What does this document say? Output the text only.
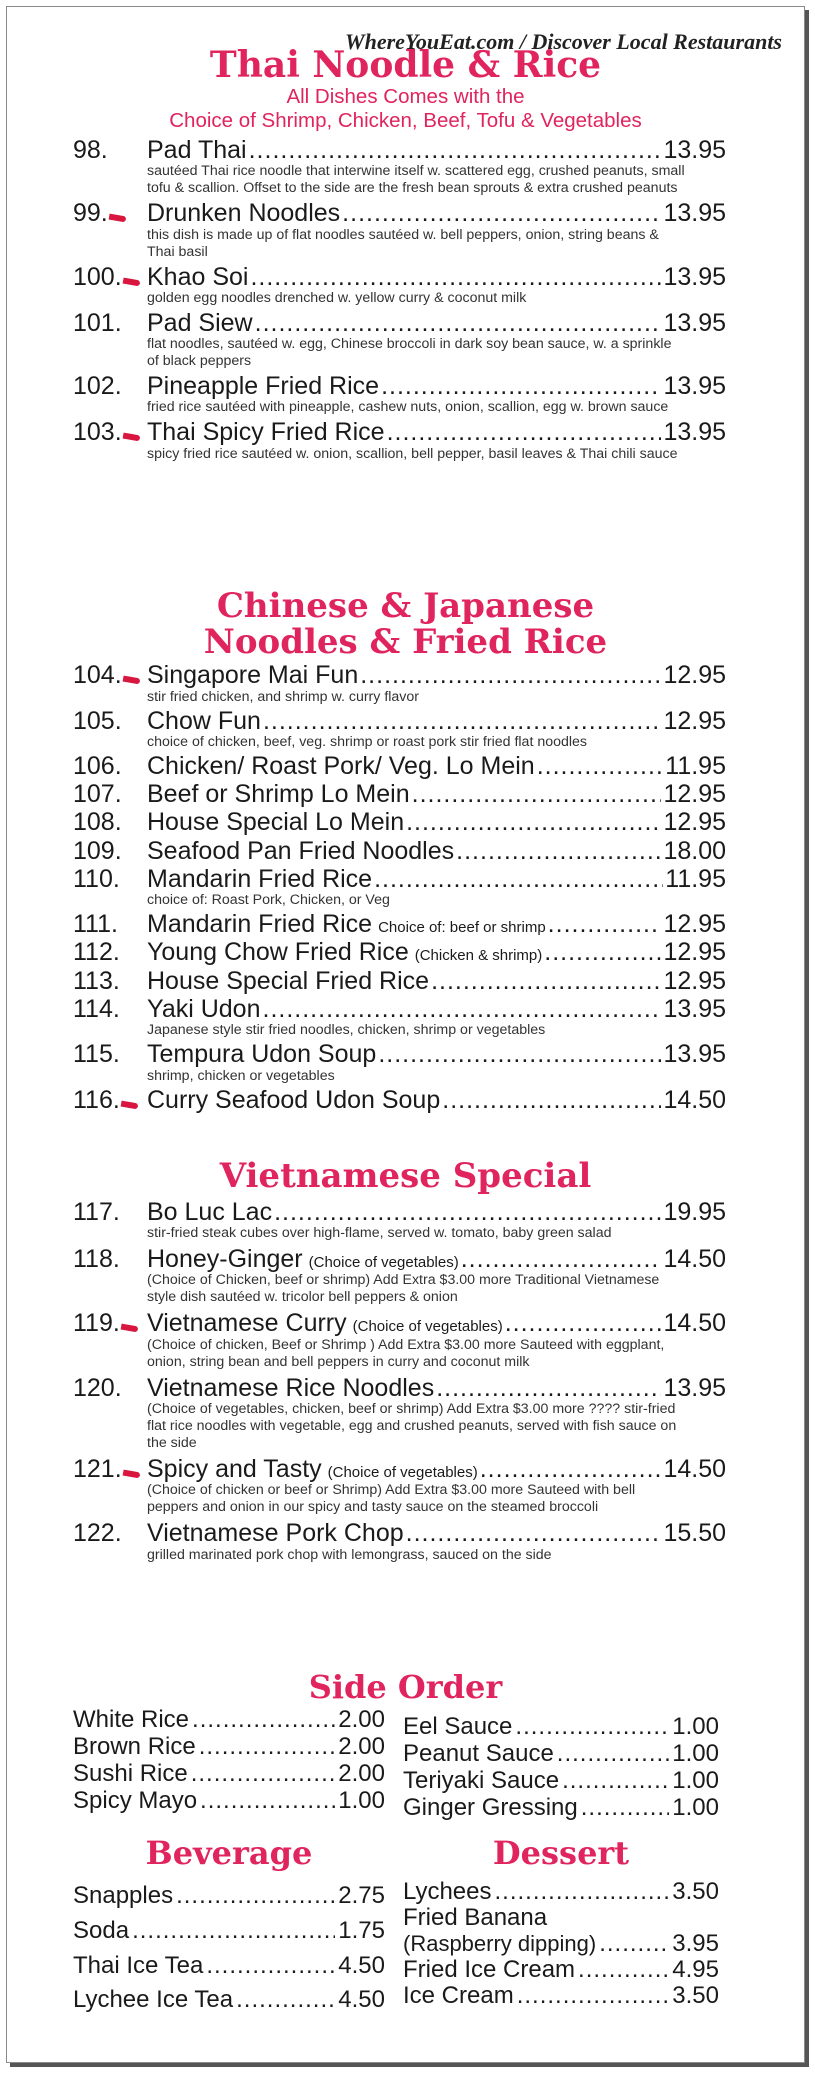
WhereYouEat.com / Discover Local Restaurants
Thai Noodle & Rice

All Dishes Comes with the

Choice of Shrimp, Chicken, Beef, Tofu & Vegetables

98.	Pad Thai .....	13.95
sautéed Thai rice noodle that interwine itself w. scattered egg, crushed peanuts, small tofu & scallion. Offset to the side are the fresh bean sprouts & extra crushed peanuts
99. Drunken Noodles .....	13.95
this dish is made up of flat noodles sautéed w. bell peppers, onion, string beans & Thai basil
100. Khao Soi .....	13.95
golden egg noodles drenched w. yellow curry & coconut milk
101.	Pad Siew .....	13.95
flat noodles, sautéed w. egg, Chinese broccoli in dark soy bean sauce, w. a sprinkle of black peppers
102.	Pineapple Fried Rice .....	13.95
fried rice sautéed with pineapple, cashew nuts, onion, scallion, egg w. brown sauce
103. Thai Spicy Fried Rice .....	13.95
spicy fried rice sautéed w. onion, scallion, bell pepper, basil leaves & Thai chili sauce
Chinese & Japanese
Noodles & Fried Rice
104. Singapore Mai Fun .....	12.95
stir fried chicken, and shrimp w. curry flavor
105.	Chow Fun .....	12.95
choice of chicken, beef, veg. shrimp or roast pork stir fried flat noodles
106.	Chicken/ Roast Pork/ Veg. Lo Mein .....	11.95
107.	Beef or Shrimp Lo Mein .....	12.95
108.	House Special Lo Mein .....	12.95
109.	Seafood Pan Fried Noodles .....	18.00
110.	Mandarin Fried Rice .....	11.95
choice of: Roast Pork, Chicken, or Veg
111.	Mandarin Fried Rice Choice of: beef or shrimp .....	12.95
112.	Young Chow Fried Rice (Chicken & shrimp) .....	12.95
113.	House Special Fried Rice .....	12.95
114.	Yaki Udon .....	13.95
Japanese style stir fried noodles, chicken, shrimp or vegetables
115.	Tempura Udon Soup .....	13.95
shrimp, chicken or vegetables
116. Curry Seafood Udon Soup .....	14.50
Vietnamese Special
117.	Bo Luc Lac .....	19.95
stir-fried steak cubes over high-flame, served w. tomato, baby green salad
118.	Honey-Ginger (Choice of vegetables) .....	14.50
(Choice of Chicken, beef or shrimp) Add Extra $3.00 more Traditional Vietnamese style dish sautéed w. tricolor bell peppers & onion
119. Vietnamese Curry (Choice of vegetables) .....	14.50
(Choice of chicken, Beef or Shrimp ) Add Extra $3.00 more Sauteed with eggplant, onion, string bean and bell peppers in curry and coconut milk
120.	Vietnamese Rice Noodles .....	13.95
(Choice of vegetables, chicken, beef or shrimp) Add Extra $3.00 more ???? stir-fried flat rice noodles with vegetable, egg and crushed peanuts, served with fish sauce on the side
121. Spicy and Tasty (Choice of vegetables) .....	14.50
(Choice of chicken or beef or Shrimp) Add Extra $3.00 more Sauteed with bell peppers and onion in our spicy and tasty sauce on the steamed broccoli
122.	Vietnamese Pork Chop .....	15.50
grilled marinated pork chop with lemongrass, sauced on the side
Side Order
White Rice .....	2.00
Brown Rice .....	2.00
Sushi Rice .....	2.00
Spicy Mayo .....	1.00
Eel Sauce .....	1.00
Peanut Sauce .....	1.00
Teriyaki Sauce .....	1.00
Ginger Gressing .....	1.00
Beverage
Snapples .....	2.75
Soda .....	1.75
Thai Ice Tea .....	4.50
Lychee Ice Tea .....	4.50
Dessert
Lychees .....	3.50
Fried Banana
(Raspberry dipping) .....	3.95
Fried Ice Cream .....	4.95
Ice Cream .....	3.50
